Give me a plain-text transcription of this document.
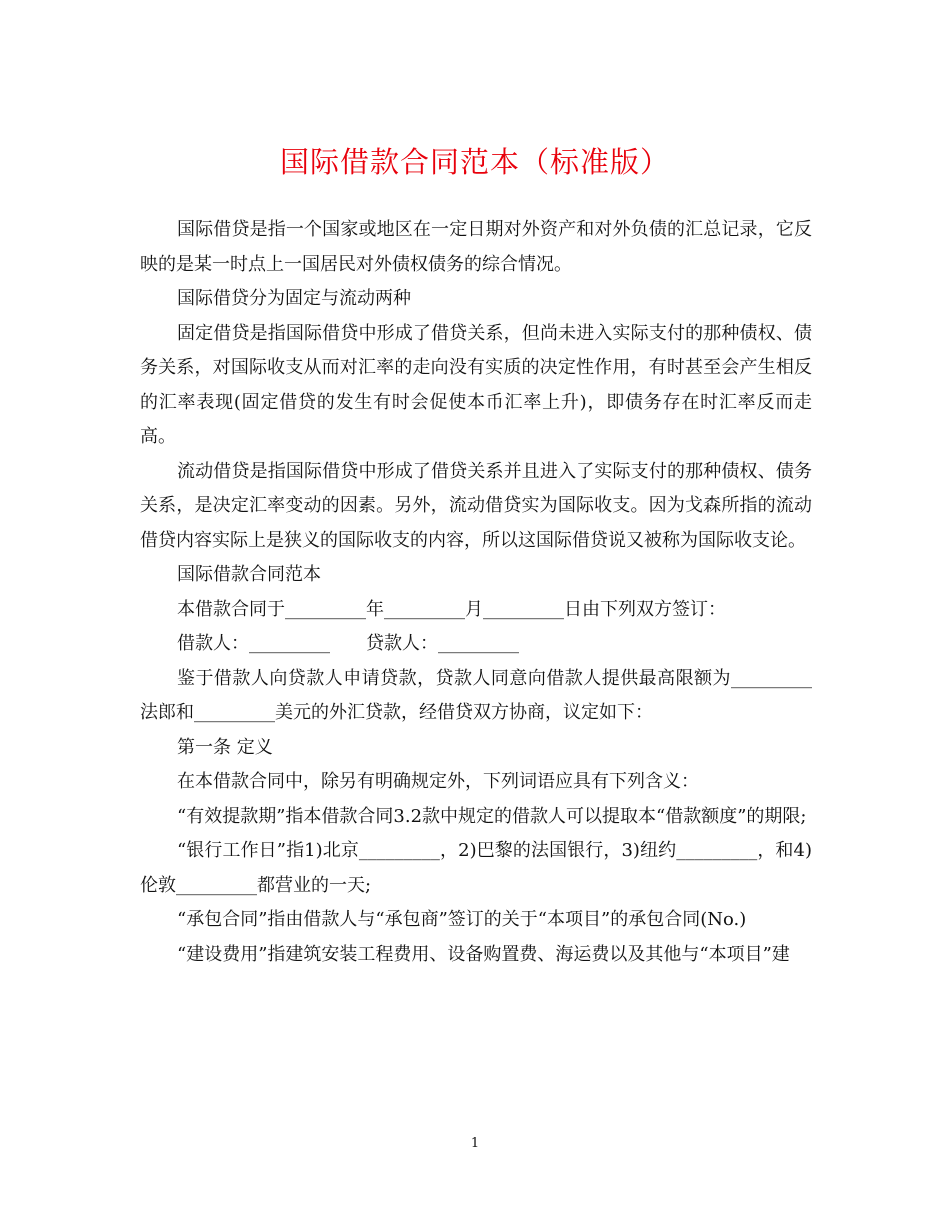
国际借款合同范本（标准版）

国际借贷是指一个国家或地区在一定日期对外资产和对外负债的汇总记录，它反映的是某一时点上一国居民对外债权债务的综合情况。

国际借贷分为固定与流动两种

固定借贷是指国际借贷中形成了借贷关系，但尚未进入实际支付的那种债权、债务关系，对国际收支从而对汇率的走向没有实质的决定性作用，有时甚至会产生相反的汇率表现(固定借贷的发生有时会促使本币汇率上升)，即债务存在时汇率反而走高。

流动借贷是指国际借贷中形成了借贷关系并且进入了实际支付的那种债权、债务关系，是决定汇率变动的因素。另外，流动借贷实为国际收支。因为戈森所指的流动借贷内容实际上是狭义的国际收支的内容，所以这国际借贷说又被称为国际收支论。

国际借款合同范本

本借款合同于_________年_________月_________日由下列双方签订：

借款人：_________　　贷款人：_________

鉴于借款人向贷款人申请贷款，贷款人同意向借款人提供最高限额为_________法郎和_________美元的外汇贷款，经借贷双方协商，议定如下：

第一条 定义

在本借款合同中，除另有明确规定外，下列词语应具有下列含义：

“有效提款期”指本借款合同3.2款中规定的借款人可以提取本“借款额度”的期限;

“银行工作日”指1)北京_________，2)巴黎的法国银行，3)纽约_________，和4)伦敦_________都营业的一天;

“承包合同”指由借款人与“承包商”签订的关于“本项目”的承包合同(No.)

“建设费用”指建筑安装工程费用、设备购置费、海运费以及其他与“本项目”建

1
